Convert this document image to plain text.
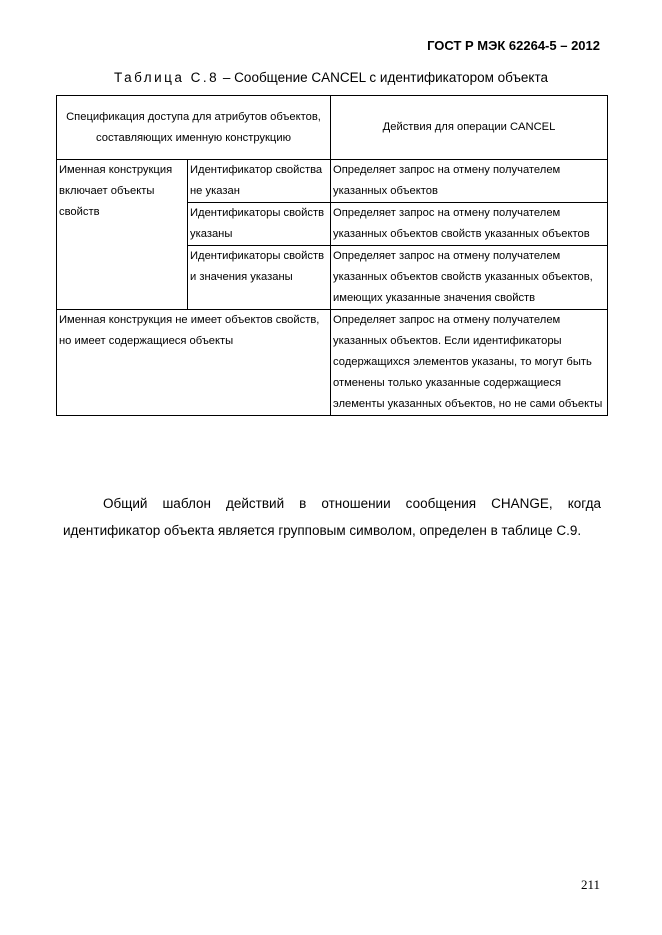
ГОСТ Р МЭК 62264-5 – 2012
Таблица С.8 – Сообщение CANCEL с идентификатором объекта
Спецификация доступа для атрибутов объектов, составляющих именную конструкцию		Действия для операции CANCEL
Именная конструкция включает объекты свойств	Идентификатор свойства не указан	Определяет запрос на отмену получателем указанных объектов
	Идентификаторы свойств указаны	Определяет запрос на отмену получателем указанных объектов свойств указанных объектов
	Идентификаторы свойств и значения указаны	Определяет запрос на отмену получателем указанных объектов свойств указанных объектов, имеющих указанные значения свойств
Именная конструкция не имеет объектов свойств, но имеет содержащиеся объекты		Определяет запрос на отмену получателем указанных объектов. Если идентификаторы содержащихся элементов указаны, то могут быть отменены только указанные содержащиеся элементы указанных объектов, но не сами объекты
Общий шаблон действий в отношении сообщения CHANGE, когда идентификатор объекта является групповым символом, определен в таблице С.9.
211
